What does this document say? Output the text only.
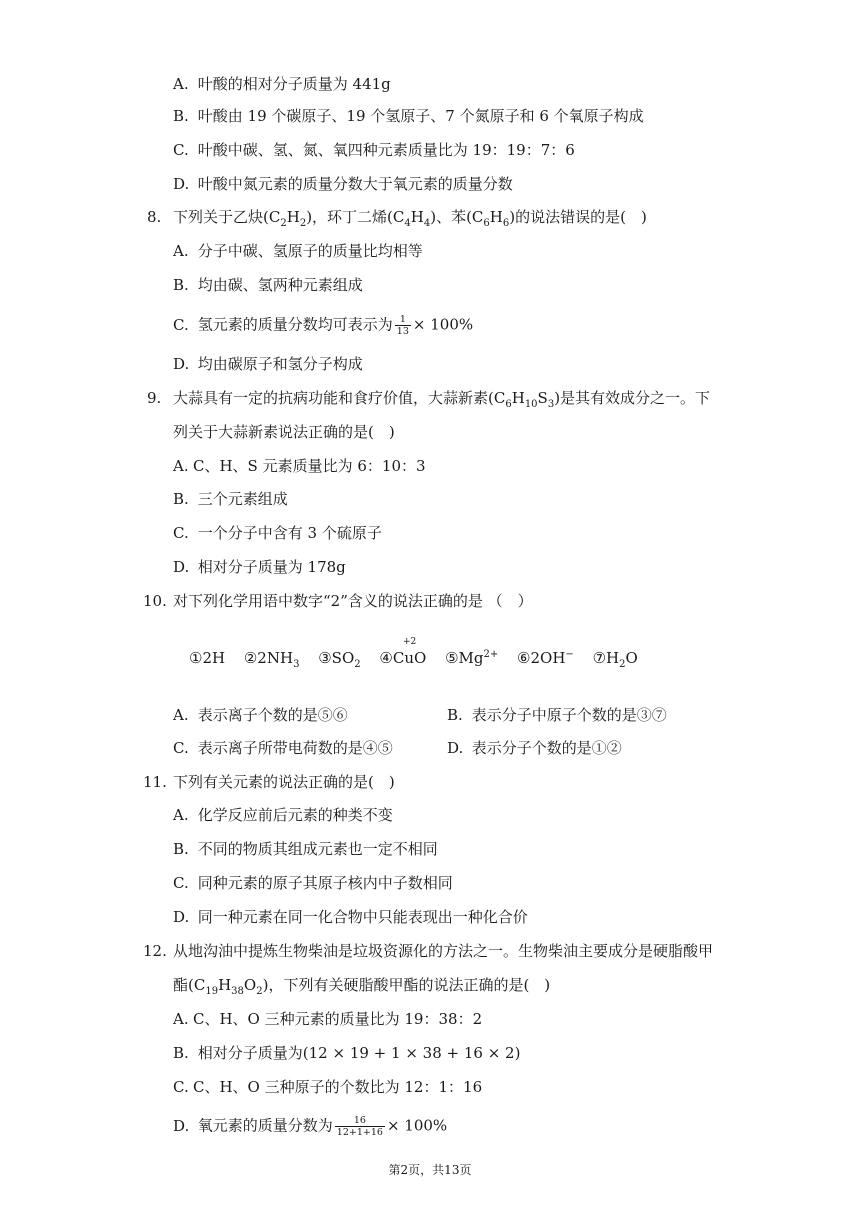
A. 叶酸的相对分子质量为 441g
B. 叶酸由 19 个碳原子、19 个氢原子、7 个氮原子和 6 个氧原子构成
C. 叶酸中碳、氢、氮、氧四种元素质量比为 19：19：7：6
D. 叶酸中氮元素的质量分数大于氧元素的质量分数
8. 下列关于乙炔$(C_2H_2)$，环丁二烯$(C_4H_4)$、苯$(C_6H_6)$的说法错误的是(　)
A. 分子中碳、氢原子的质量比均相等
B. 均由碳、氢两种元素组成
C. 氢元素的质量分数均可表示为 $\frac{1}{13} \times 100\%$
D. 均由碳原子和氢分子构成
9. 大蒜具有一定的抗病功能和食疗价值，大蒜新素$(C_6H_{10}S_3)$是其有效成分之一。下
列关于大蒜新素说法正确的是(　)
A. C、H、S 元素质量比为 6：10：3
B. 三个元素组成
C. 一个分子中含有 3 个硫原子
D. 相对分子质量为 178g
10. 对下列化学用语中数字“2”含义的说法正确的是 （　）
①2H $②2NH_3$ $③SO_2$ ④
+2
CuO $⑤Mg^{2+}$ ⑥2OH− $⑦H_2O$
A. 表示离子个数的是⑤⑥	B. 表示分子中原子个数的是③⑦
C. 表示离子所带电荷数的是④⑤	D. 表示分子个数的是①②
11. 下列有关元素的说法正确的是(　)
A. 化学反应前后元素的种类不变
B. 不同的物质其组成元素也一定不相同
C. 同种元素的原子其原子核内中子数相同
D. 同一种元素在同一化合物中只能表现出一种化合价
12. 从地沟油中提炼生物柴油是垃圾资源化的方法之一。生物柴油主要成分是硬脂酸甲
酯$(C_{19}H_{38}O_2)$，下列有关硬脂酸甲酯的说法正确的是(　)
A. C、H、O 三种元素的质量比为 19：38：2
B. 相对分子质量为(12 × 19 + 1 × 38 + 16 × 2)
C. C、H、O 三种原子的个数比为 12：1：16
D. 氧元素的质量分数为 $\frac{16}{12+1+16} \times 100\%$
第2页，共13页
